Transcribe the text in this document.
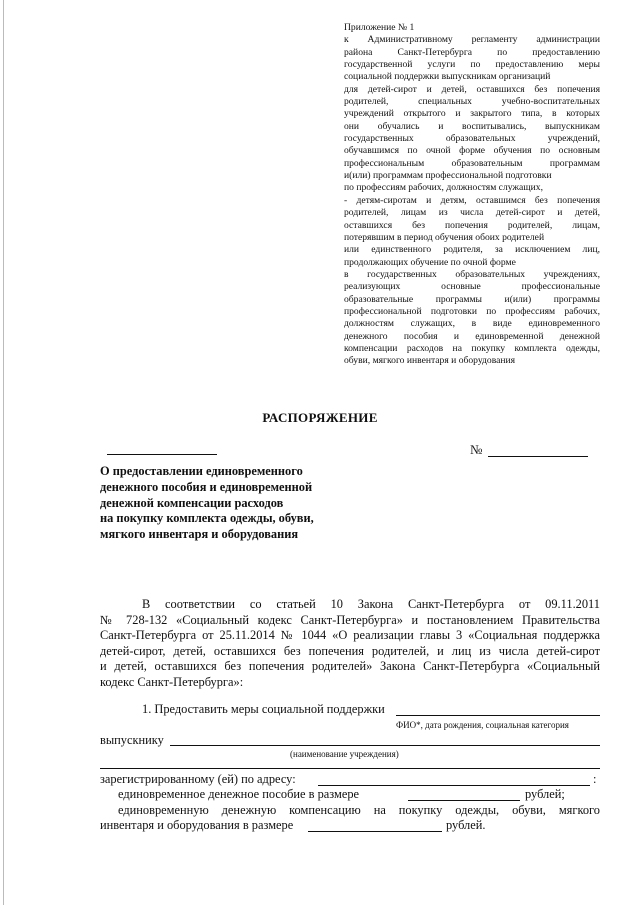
Приложение № 1

к Административному регламенту администрации

района Санкт-Петербурга по предоставлению

государственной услуги по предоставлению меры

социальной поддержки выпускникам организаций

для детей-сирот и детей, оставшихся без попечения

родителей, специальных учебно-воспитательных

учреждений открытого и закрытого типа, в которых

они обучались и воспитывались, выпускникам

государственных образовательных учреждений,

обучавшимся по очной форме обучения по основным

профессиональным образовательным программам

и(или) программам профессиональной подготовки

по профессиям рабочих, должностям служащих,

- детям-сиротам и детям, оставшимся без попечения

родителей, лицам из числа детей-сирот и детей,

оставшихся без попечения родителей, лицам,

потерявшим в период обучения обоих родителей

или единственного родителя, за исключением лиц,

продолжающих обучение по очной форме

в государственных образовательных учреждениях,

реализующих основные профессиональные

образовательные программы и(или) программы

профессиональной подготовки по профессиям рабочих,

должностям служащих, в виде единовременного

денежного пособия и единовременной денежной

компенсации расходов на покупку комплекта одежды,

обуви, мягкого инвентаря и оборудования

РАСПОРЯЖЕНИЕ
№
О предоставлении единовременного
денежного пособия и единовременной
денежной компенсации расходов
на покупку комплекта одежды, обуви,
мягкого инвентаря и оборудования
В соответствии со статьей 10 Закона Санкт-Петербурга от 09.11.2011
№ 728-132 «Социальный кодекс Санкт-Петербурга» и постановлением Правительства
Санкт-Петербурга от 25.11.2014 № 1044 «О реализации главы 3 «Социальная поддержка
детей-сирот, детей, оставшихся без попечения родителей, и лиц из числа детей-сирот
и детей, оставшихся без попечения родителей» Закона Санкт-Петербурга «Социальный
кодекс Санкт-Петербурга»:
1. Предоставить меры социальной поддержки
ФИО*, дата рождения, социальная категория
выпускнику
(наименование учреждения)
зарегистрированному (ей) по адресу:	:
единовременное денежное пособие в размере	рублей;
единовременную денежную компенсацию на покупку одежды, обуви, мягкого
инвентаря и оборудования в размере	рублей.
